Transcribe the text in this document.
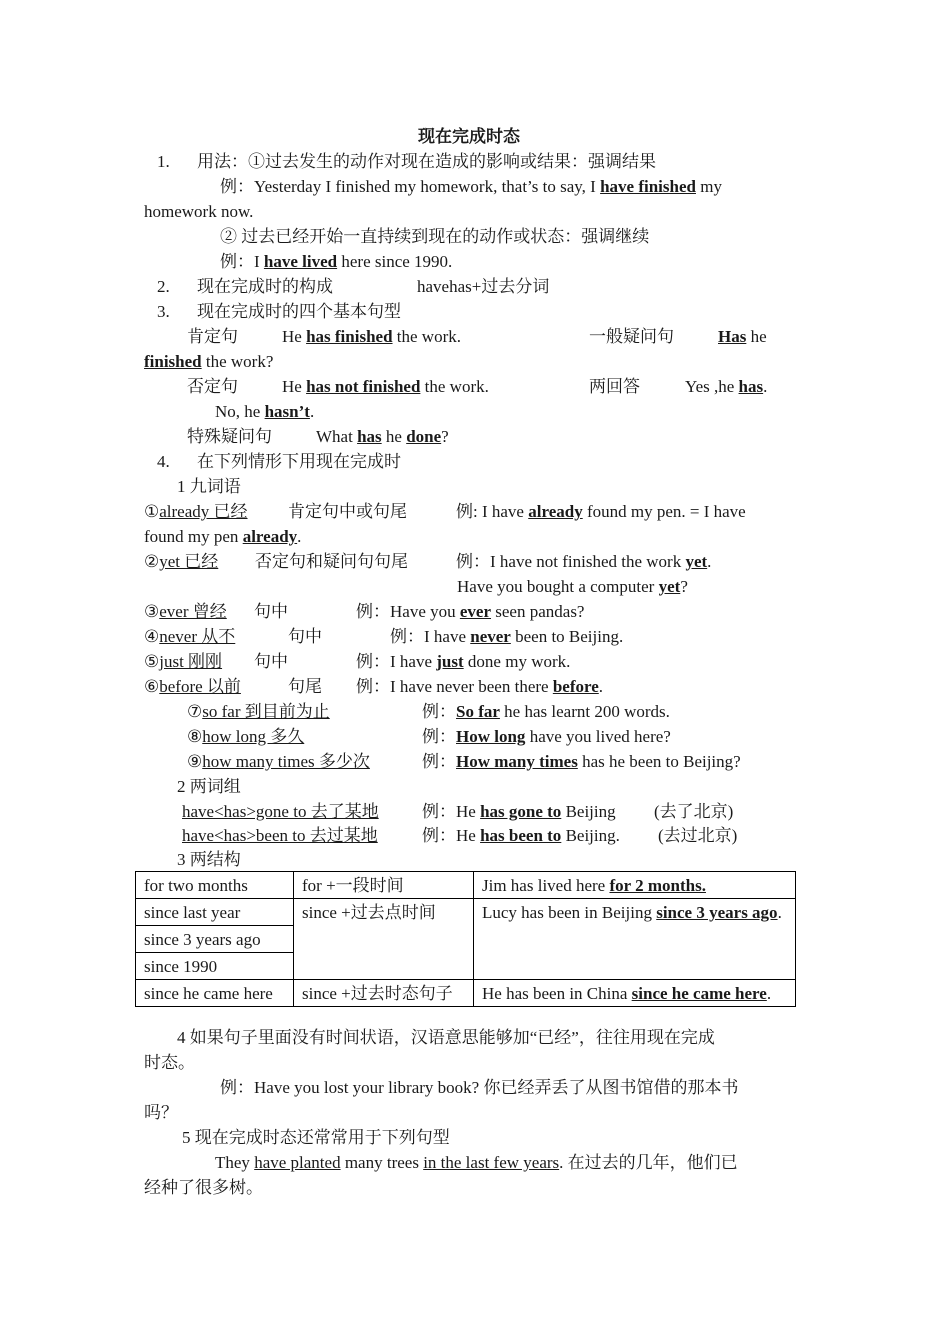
现在完成时态
1. 用法：①过去发生的动作对现在造成的影响或结果：强调结果
例：Yesterday I finished my homework, that’s to say, I have finished my
homework now.
② 过去已经开始一直持续到现在的动作或状态：强调继续
例：I have lived here since 1990.
2. 现在完成时的构成	havehas+过去分词
3. 现在完成时的四个基本句型
肯定句	He has finished the work.	一般疑问句	Has he
finished the work?
否定句	He has not finished the work.	两回答	Yes ,he has.
No, he hasn’t.
特殊疑问句	What has he done?
4. 在下列情形下用现在完成时
1 九词语
①already 已经 肯定句中或句尾	例: I have already found my pen. = I have
found my pen already.
②yet 已经 否定句和疑问句句尾	例：I have not finished the work yet.
Have you bought a computer yet?
③ever 曾经 句中	例：Have you ever seen pandas?
④never 从不	句中	例：I have never been to Beijing.
⑤just 刚刚 句中	例：I have just done my work.
⑥before 以前	句尾 例：I have never been there before.
⑦so far 到目前为止	例：So far he has learnt 200 words.
⑧how long 多久	例：How long have you lived here?
⑨how many times 多少次	例：How many times has he been to Beijing?
2 两词组
have<has>gone to 去了某地	例：He has gone to Beijing (去了北京)
have<has>been to 去过某地	例：He has been to Beijing. (去过北京)
3 两结构
for two months	for +一段时间	Jim has lived here for 2 months.
since last year	since +过去点时间	Lucy has been in Beijing since 3 years ago.
since 3 years ago		
since 1990		
since he came here	since +过去时态句子	He has been in China since he came here.
4 如果句子里面没有时间状语，汉语意思能够加“已经”，往往用现在完成
时态。
例：Have you lost your library book? 你已经弄丢了从图书馆借的那本书
吗？
5 现在完成时态还常常用于下列句型
They have planted many trees in the last few years. 在过去的几年，他们已
经种了很多树。
